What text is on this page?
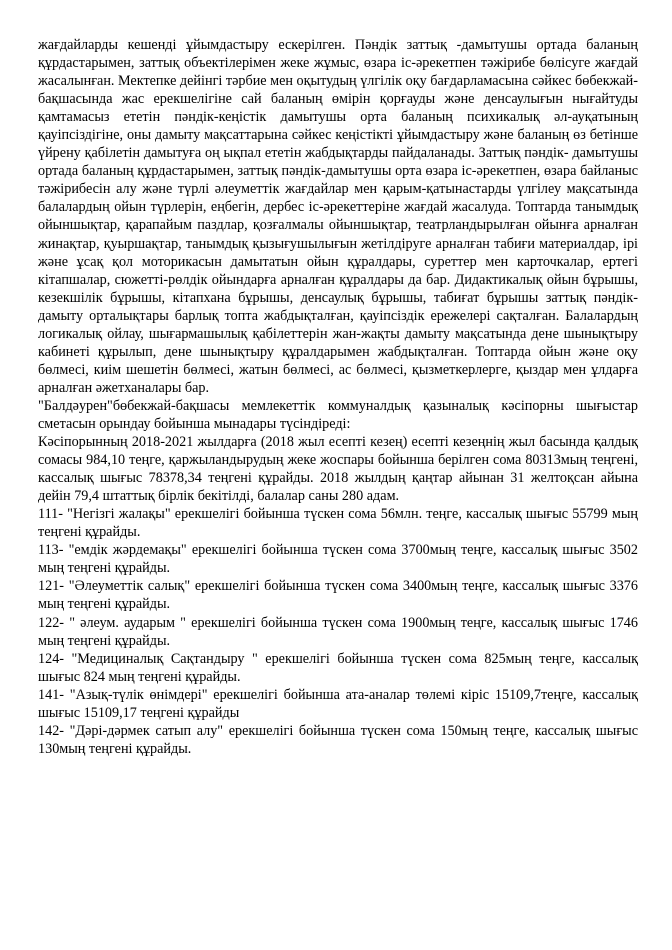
жағдайларды кешенді ұйымдастыру ескерілген. Пәндік заттық -дамытушы ортада баланың құрдастарымен, заттық объектілерімен жеке жұмыс, өзара іс-әрекетпен тәжірибе бөлісуге жағдай жасалынған. Мектепке дейінгі тәрбие мен оқытудың үлгілік оқу бағдарламасына сәйкес бөбекжай-бақшасында жас ерекшелігіне сай баланың өмірін қорғауды және денсаулығын нығайтуды қамтамасыз ететін пәндік-кеңістік дамытушы орта баланың психикалық әл-ауқатының қауіпсіздігіне, оны дамыту мақсаттарына сәйкес кеңістікті ұйымдастыру және баланың өз бетінше үйрену қабілетін дамытуға оң ықпал ететін жабдықтарды пайдаланады. Заттық пәндік- дамытушы ортада баланың құрдастарымен, заттық пәндік-дамытушы орта өзара іс-әрекетпен, өзара байланыс тәжірибесін алу және түрлі әлеуметтік жағдайлар мен қарым-қатынастарды үлгілеу мақсатында балалардың ойын түрлерін, еңбегін, дербес іс-әрекеттеріне жағдай жасалуда. Топтарда танымдық ойыншықтар, қарапайым паздлар, қозғалмалы ойыншықтар, театрландырылған ойынға арналған жинақтар, қуыршақтар, танымдық қызығушылығын жетілдіруге арналған табиғи материалдар, ірі және ұсақ қол моторикасын дамытатын ойын құралдары, суреттер мен карточкалар, ертегі кітапшалар, сюжетті-рөлдік ойындарға арналған құралдары да бар. Дидактикалық ойын бұрышы, кезекшілік бұрышы, кітапхана бұрышы, денсаулық бұрышы, табиғат бұрышы заттық пәндік-дамыту орталықтары барлық топта жабдықталған, қауіпсіздік ережелері сақталған. Балалардың логикалық ойлау, шығармашылық қабілеттерін жан-жақты дамыту мақсатында дене шынықтыру кабинеті құрылып, дене шынықтыру құралдарымен жабдықталған. Топтарда ойын және оқу бөлмесі, киім шешетін бөлмесі, жатын бөлмесі, ас бөлмесі, қызметкерлерге, қыздар мен ұлдарға арналған әжетханалары бар.

"Балдәурен"бөбекжай-бақшасы мемлекеттік коммуналдық қазыналық кәсіпорны шығыстар сметасын орындау бойынша мынадары түсіндіреді:

Кәсіпорынның 2018-2021 жылдарға (2018 жыл есепті кезең) есепті кезеңнің жыл басында қалдық сомасы 984,10 теңге, қаржыландырудың жеке жоспары бойынша берілген сома 80313мың теңгені, кассалық шығыс 78378,34 теңгені құрайды. 2018 жылдың қаңтар айынан 31 желтоқсан айына дейін 79,4 штаттық бірлік бекітілді, балалар саны 280 адам.

111- "Негізгі жалақы" ерекшелігі бойынша түскен сома 56млн. теңге, кассалық шығыс 55799 мың теңгені құрайды.

113- "емдік жәрдемақы" ерекшелігі бойынша түскен сома 3700мың теңге, кассалық шығыс 3502 мың теңгені құрайды.

121- "Әлеуметтік салық" ерекшелігі бойынша түскен сома 3400мың теңге, кассалық шығыс 3376 мың теңгені құрайды.

122- " әлеум. аударым " ерекшелігі бойынша түскен сома 1900мың теңге, кассалық шығыс 1746 мың теңгені құрайды.

124- "Медициналық Сақтандыру " ерекшелігі бойынша түскен сома 825мың теңге, кассалық шығыс 824 мың теңгені құрайды.

141- "Азық-түлік өнімдері" ерекшелігі бойынша ата-аналар төлемі кіріс 15109,7теңге, кассалық шығыс 15109,17 теңгені құрайды

142- "Дәрі-дәрмек сатып алу" ерекшелігі бойынша түскен сома 150мың теңге, кассалық шығыс 130мың теңгені құрайды.
